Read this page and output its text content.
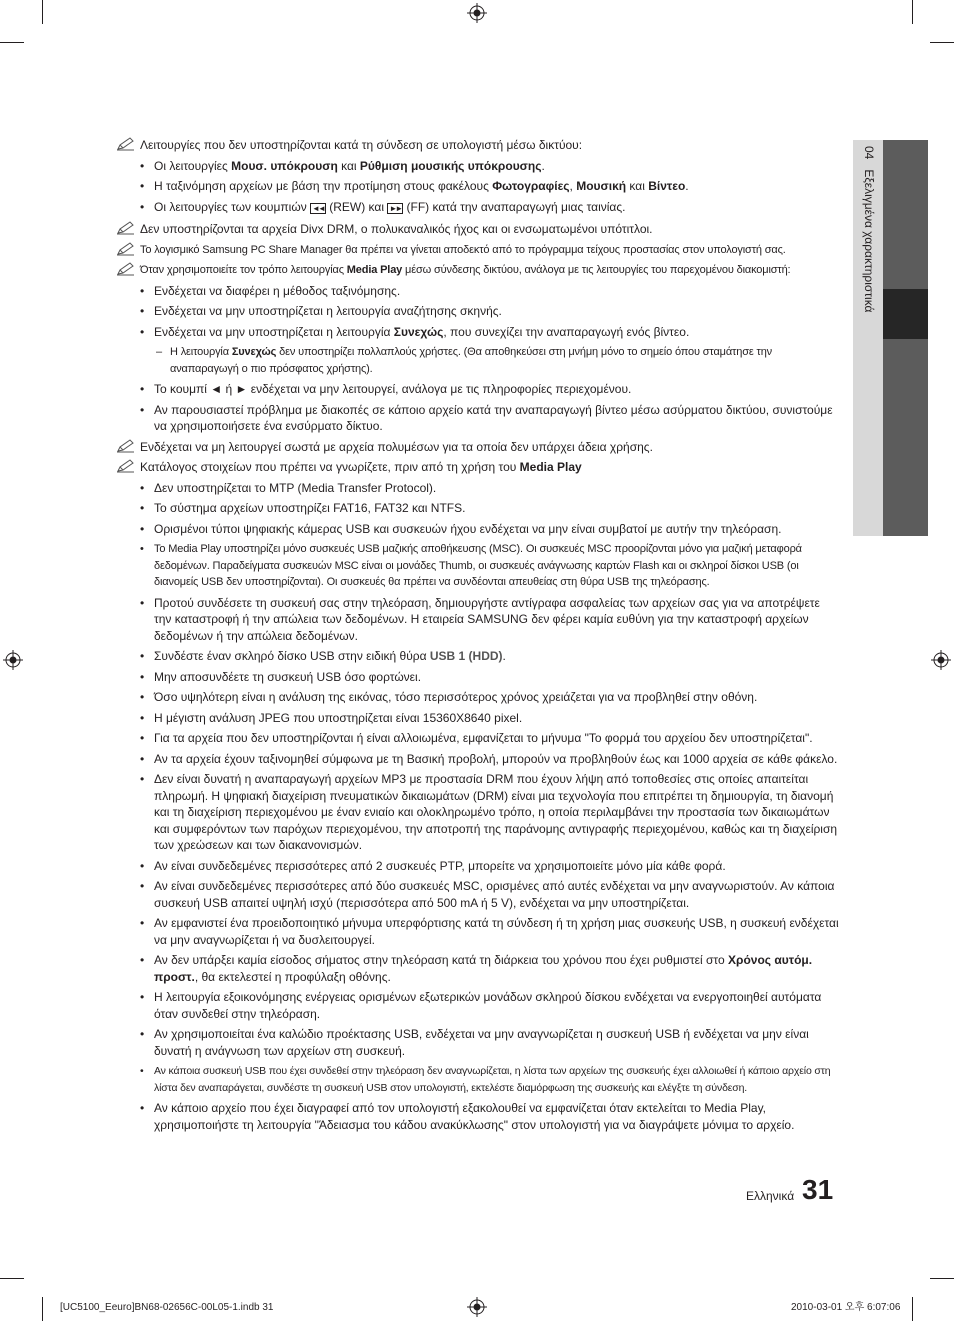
04   Εξελιγμένα χαρακτηριστικά
Λειτουργίες που δεν υποστηρίζονται κατά τη σύνδεση σε υπολογιστή μέσω δικτύου:
• Οι λειτουργίες Μουσ. υπόκρουση και Ρύθμιση μουσικής υπόκρουσης.
• Η ταξινόμηση αρχείων με βάση την προτίμηση στους φακέλους Φωτογραφίες, Μουσική και Βίντεο.
• Οι λειτουργίες των κουμπιών ◄◄ (REW) και ►► (FF) κατά την αναπαραγωγή μιας ταινίας.
Δεν υποστηρίζονται τα αρχεία Divx DRM, ο πολυκαναλικός ήχος και οι ενσωματωμένοι υπότιτλοι.
Το λογισμικό Samsung PC Share Manager θα πρέπει να γίνεται αποδεκτό από το πρόγραμμα τείχους προστασίας στον υπολογιστή σας.
Όταν χρησιμοποιείτε τον τρόπο λειτουργίας Media Play μέσω σύνδεσης δικτύου, ανάλογα με τις λειτουργίες του παρεχομένου διακομιστή:
• Ενδέχεται να διαφέρει η μέθοδος ταξινόμησης.
• Ενδέχεται να μην υποστηρίζεται η λειτουργία αναζήτησης σκηνής.
• Ενδέχεται να μην υποστηρίζεται η λειτουργία Συνεχώς, που συνεχίζει την αναπαραγωγή ενός βίντεο.
– Η λειτουργία Συνεχώς δεν υποστηρίζει πολλαπλούς χρήστες. (Θα αποθηκεύσει στη μνήμη μόνο το σημείο όπου σταμάτησε την αναπαραγωγή ο πιο πρόσφατος χρήστης).
• Το κουμπί ◄ ή ► ενδέχεται να μην λειτουργεί, ανάλογα με τις πληροφορίες περιεχομένου.
• Αν παρουσιαστεί πρόβλημα με διακοπές σε κάποιο αρχείο κατά την αναπαραγωγή βίντεο μέσω ασύρματου δικτύου, συνιστούμε να χρησιμοποιήσετε ένα ενσύρματο δίκτυο.
Ενδέχεται να μη λειτουργεί σωστά με αρχεία πολυμέσων για τα οποία δεν υπάρχει άδεια χρήσης.
Κατάλογος στοιχείων που πρέπει να γνωρίζετε, πριν από τη χρήση του Media Play
• Δεν υποστηρίζεται το MTP (Media Transfer Protocol).
• Το σύστημα αρχείων υποστηρίζει FAT16, FAT32 και NTFS.
• Ορισμένοι τύποι ψηφιακής κάμερας USB και συσκευών ήχου ενδέχεται να μην είναι συμβατοί με αυτήν την τηλεόραση.
• Το Media Play υποστηρίζει μόνο συσκευές USB μαζικής αποθήκευσης (MSC). Οι συσκευές MSC προορίζονται μόνο για μαζική μεταφορά δεδομένων. Παραδείγματα συσκευών MSC είναι οι μονάδες Thumb, οι συσκευές ανάγνωσης καρτών Flash και οι σκληροί δίσκοι USB (οι διανομείς USB δεν υποστηρίζονται). Οι συσκευές θα πρέπει να συνδέονται απευθείας στη θύρα USB της τηλεόρασης.
• Προτού συνδέσετε τη συσκευή σας στην τηλεόραση, δημιουργήστε αντίγραφα ασφαλείας των αρχείων σας για να αποτρέψετε την καταστροφή ή την απώλεια των δεδομένων. Η εταιρεία SAMSUNG δεν φέρει καμία ευθύνη για την καταστροφή αρχείων δεδομένων ή την απώλεια δεδομένων.
• Συνδέστε έναν σκληρό δίσκο USB στην ειδική θύρα USB 1 (HDD).
• Μην αποσυνδέετε τη συσκευή USB όσο φορτώνει.
• Όσο υψηλότερη είναι η ανάλυση της εικόνας, τόσο περισσότερος χρόνος χρειάζεται για να προβληθεί στην οθόνη.
• Η μέγιστη ανάλυση JPEG που υποστηρίζεται είναι 15360X8640 pixel.
• Για τα αρχεία που δεν υποστηρίζονται ή είναι αλλοιωμένα, εμφανίζεται το μήνυμα "Το φορμά του αρχείου δεν υποστηρίζεται".
• Αν τα αρχεία έχουν ταξινομηθεί σύμφωνα με τη Βασική προβολή, μπορούν να προβληθούν έως και 1000 αρχεία σε κάθε φάκελο.
• Δεν είναι δυνατή η αναπαραγωγή αρχείων MP3 με προστασία DRM που έχουν λήψη από τοποθεσίες στις οποίες απαιτείται πληρωμή. Η ψηφιακή διαχείριση πνευματικών δικαιωμάτων (DRM) είναι μια τεχνολογία που επιτρέπει τη δημιουργία, τη διανομή και τη διαχείριση περιεχομένου με έναν ενιαίο και ολοκληρωμένο τρόπο, η οποία περιλαμβάνει την προστασία των δικαιωμάτων και συμφερόντων των παρόχων περιεχομένου, την αποτροπή της παράνομης αντιγραφής περιεχομένου, καθώς και τη διαχείριση των χρεώσεων και των διακανονισμών.
• Αν είναι συνδεδεμένες περισσότερες από 2 συσκευές PTP, μπορείτε να χρησιμοποιείτε μόνο μία κάθε φορά.
• Αν είναι συνδεδεμένες περισσότερες από δύο συσκευές MSC, ορισμένες από αυτές ενδέχεται να μην αναγνωριστούν. Αν κάποια συσκευή USB απαιτεί υψηλή ισχύ (περισσότερα από 500 mA ή 5 V), ενδέχεται να μην υποστηρίζεται.
• Αν εμφανιστεί ένα προειδοποιητικό μήνυμα υπερφόρτισης κατά τη σύνδεση ή τη χρήση μιας συσκευής USB, η συσκευή ενδέχεται να μην αναγνωρίζεται ή να δυσλειτουργεί.
• Αν δεν υπάρξει καμία είσοδος σήματος στην τηλεόραση κατά τη διάρκεια του χρόνου που έχει ρυθμιστεί στο Χρόνος αυτόμ. προστ., θα εκτελεστεί η προφύλαξη οθόνης.
• Η λειτουργία εξοικονόμησης ενέργειας ορισμένων εξωτερικών μονάδων σκληρού δίσκου ενδέχεται να ενεργοποιηθεί αυτόματα όταν συνδεθεί στην τηλεόραση.
• Αν χρησιμοποιείται ένα καλώδιο προέκτασης USB, ενδέχεται να μην αναγνωρίζεται η συσκευή USB ή ενδέχεται να μην είναι δυνατή η ανάγνωση των αρχείων στη συσκευή.
• Αν κάποια συσκευή USB που έχει συνδεθεί στην τηλεόραση δεν αναγνωρίζεται, η λίστα των αρχείων της συσκευής έχει αλλοιωθεί ή κάποιο αρχείο στη λίστα δεν αναπαράγεται, συνδέστε τη συσκευή USB στον υπολογιστή, εκτελέστε διαμόρφωση της συσκευής και ελέγξτε τη σύνδεση.
• Αν κάποιο αρχείο που έχει διαγραφεί από τον υπολογιστή εξακολουθεί να εμφανίζεται όταν εκτελείται το Media Play, χρησιμοποιήστε τη λειτουργία "Άδειασμα του κάδου ανακύκλωσης" στον υπολογιστή για να διαγράψετε μόνιμα το αρχείο.
Ελληνικά 31
[UC5100_Eeuro]BN68-02656C-00L05-1.indb 31	2010-03-01 오후 6:07:06
